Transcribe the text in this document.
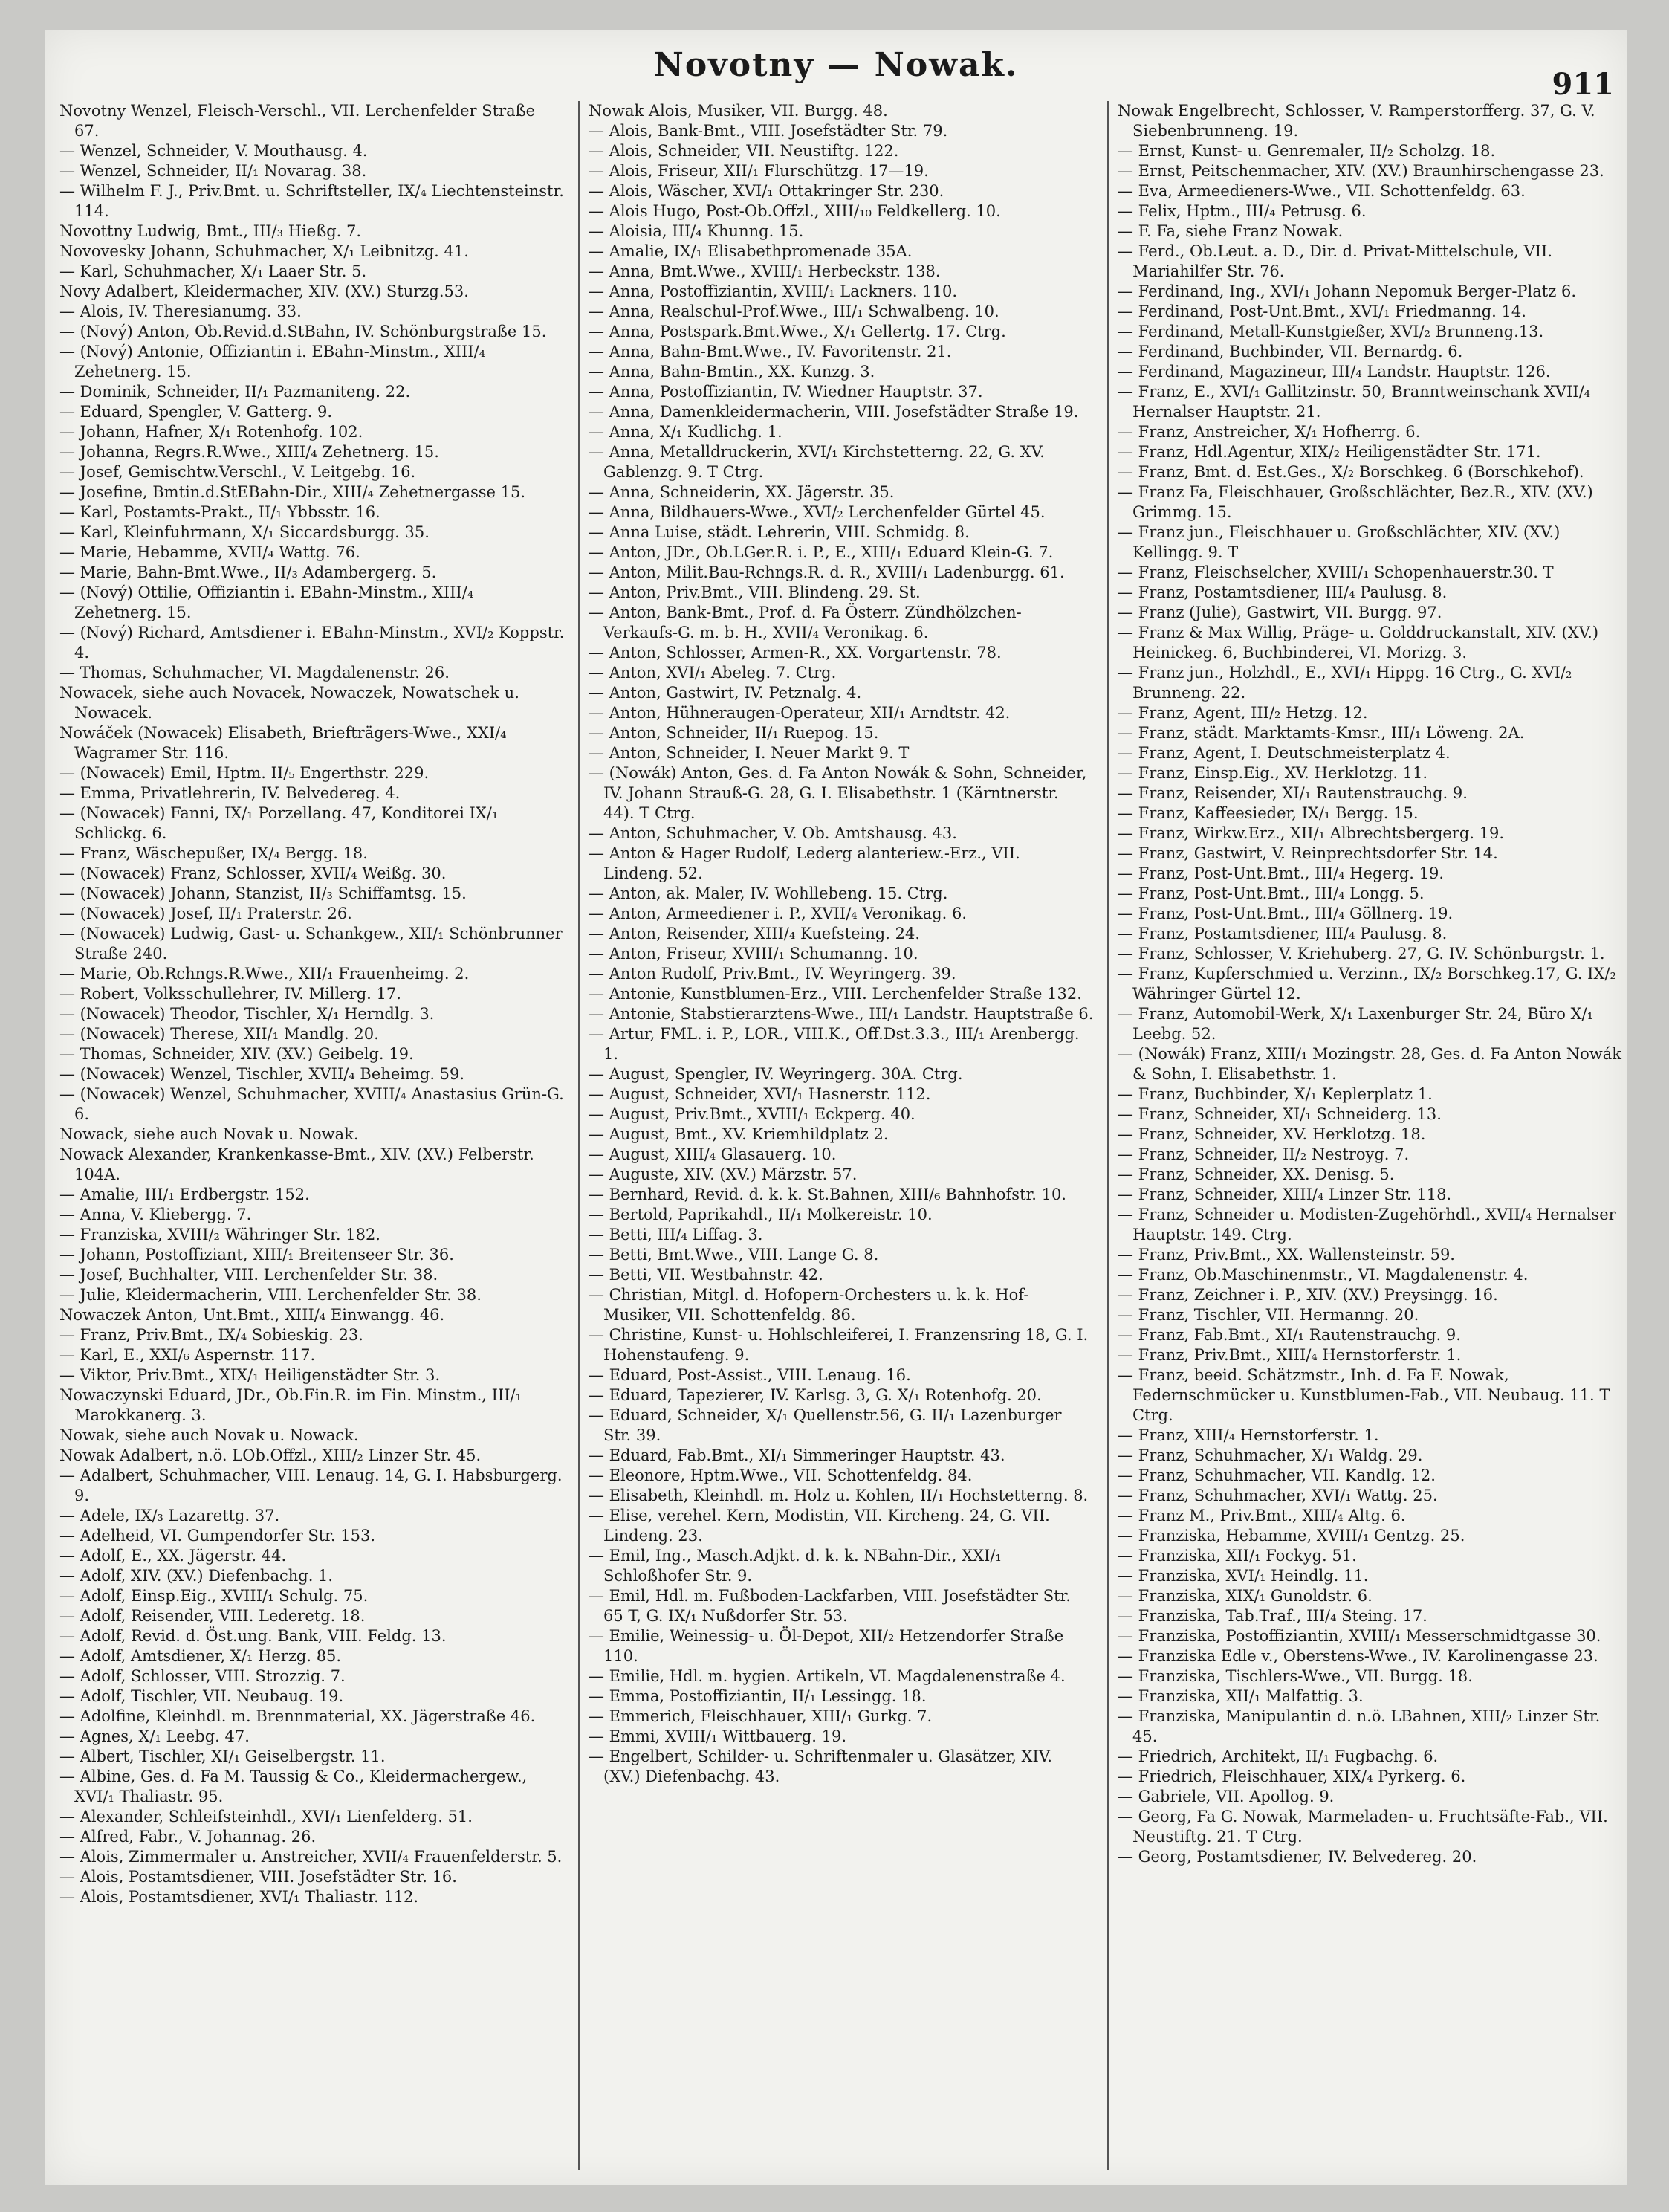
Novotny — Nowak.
911
Novotny Wenzel, Fleisch-Verschl., VII. Lerchenfelder Straße 67.
— Wenzel, Schneider, V. Mouthausg. 4.
— Wenzel, Schneider, II/₁ Novarag. 38.
— Wilhelm F. J., Priv.Bmt. u. Schriftsteller, IX/₄ Liechtensteinstr. 114.
Novottny Ludwig, Bmt., III/₃ Hießg. 7.
Novovesky Johann, Schuhmacher, X/₁ Leibnitzg. 41.
— Karl, Schuhmacher, X/₁ Laaer Str. 5.
Novy Adalbert, Kleidermacher, XIV. (XV.) Sturzg.53.
— Alois, IV. Theresianumg. 33.
— (Nový) Anton, Ob.Revid.d.StBahn, IV. Schönburgstraße 15.
— (Nový) Antonie, Offiziantin i. EBahn-Minstm., XIII/₄ Zehetnerg. 15.
— Dominik, Schneider, II/₁ Pazmaniteng. 22.
— Eduard, Spengler, V. Gatterg. 9.
— Johann, Hafner, X/₁ Rotenhofg. 102.
— Johanna, Regrs.R.Wwe., XIII/₄ Zehetnerg. 15.
— Josef, Gemischtw.Verschl., V. Leitgebg. 16.
— Josefine, Bmtin.d.StEBahn-Dir., XIII/₄ Zehetnergasse 15.
— Karl, Postamts-Prakt., II/₁ Ybbsstr. 16.
— Karl, Kleinfuhrmann, X/₁ Siccardsburgg. 35.
— Marie, Hebamme, XVII/₄ Wattg. 76.
— Marie, Bahn-Bmt.Wwe., II/₃ Adambergerg. 5.
— (Nový) Ottilie, Offiziantin i. EBahn-Minstm., XIII/₄ Zehetnerg. 15.
— (Nový) Richard, Amtsdiener i. EBahn-Minstm., XVI/₂ Koppstr. 4.
— Thomas, Schuhmacher, VI. Magdalenenstr. 26.
Nowacek, siehe auch Novacek, Nowaczek, Nowatschek u. Nowacek.
Nowáček (Nowacek) Elisabeth, Briefträgers-Wwe., XXI/₄ Wagramer Str. 116.
— (Nowacek) Emil, Hptm. II/₅ Engerthstr. 229.
— Emma, Privatlehrerin, IV. Belvedereg. 4.
— (Nowacek) Fanni, IX/₁ Porzellang. 47, Konditorei IX/₁ Schlickg. 6.
— Franz, Wäschepußer, IX/₄ Bergg. 18.
— (Nowacek) Franz, Schlosser, XVII/₄ Weißg. 30.
— (Nowacek) Johann, Stanzist, II/₃ Schiffamtsg. 15.
— (Nowacek) Josef, II/₁ Praterstr. 26.
— (Nowacek) Ludwig, Gast- u. Schankgew., XII/₁ Schönbrunner Straße 240.
— Marie, Ob.Rchngs.R.Wwe., XII/₁ Frauenheimg. 2.
— Robert, Volksschullehrer, IV. Millerg. 17.
— (Nowacek) Theodor, Tischler, X/₁ Herndlg. 3.
— (Nowacek) Therese, XII/₁ Mandlg. 20.
— Thomas, Schneider, XIV. (XV.) Geibelg. 19.
— (Nowacek) Wenzel, Tischler, XVII/₄ Beheimg. 59.
— (Nowacek) Wenzel, Schuhmacher, XVIII/₄ Anastasius Grün-G. 6.
Nowack, siehe auch Novak u. Nowak.
Nowack Alexander, Krankenkasse-Bmt., XIV. (XV.) Felberstr. 104A.
— Amalie, III/₁ Erdbergstr. 152.
— Anna, V. Kliebergg. 7.
— Franziska, XVIII/₂ Währinger Str. 182.
— Johann, Postoffiziant, XIII/₁ Breitenseer Str. 36.
— Josef, Buchhalter, VIII. Lerchenfelder Str. 38.
— Julie, Kleidermacherin, VIII. Lerchenfelder Str. 38.
Nowaczek Anton, Unt.Bmt., XIII/₄ Einwangg. 46.
— Franz, Priv.Bmt., IX/₄ Sobieskig. 23.
— Karl, E., XXI/₆ Aspernstr. 117.
— Viktor, Priv.Bmt., XIX/₁ Heiligenstädter Str. 3.
Nowaczynski Eduard, JDr., Ob.Fin.R. im Fin. Minstm., III/₁ Marokkanerg. 3.
Nowak, siehe auch Novak u. Nowack.
Nowak Adalbert, n.ö. LOb.Offzl., XIII/₂ Linzer Str. 45.
— Adalbert, Schuhmacher, VIII. Lenaug. 14, G. I. Habsburgerg. 9.
— Adele, IX/₃ Lazarettg. 37.
— Adelheid, VI. Gumpendorfer Str. 153.
— Adolf, E., XX. Jägerstr. 44.
— Adolf, XIV. (XV.) Diefenbachg. 1.
— Adolf, Einsp.Eig., XVIII/₁ Schulg. 75.
— Adolf, Reisender, VIII. Lederetg. 18.
— Adolf, Revid. d. Öst.ung. Bank, VIII. Feldg. 13.
— Adolf, Amtsdiener, X/₁ Herzg. 85.
— Adolf, Schlosser, VIII. Strozzig. 7.
— Adolf, Tischler, VII. Neubaug. 19.
— Adolfine, Kleinhdl. m. Brennmaterial, XX. Jägerstraße 46.
— Agnes, X/₁ Leebg. 47.
— Albert, Tischler, XI/₁ Geiselbergstr. 11.
— Albine, Ges. d. Fa M. Taussig & Co., Kleidermachergew., XVI/₁ Thaliastr. 95.
— Alexander, Schleifsteinhdl., XVI/₁ Lienfelderg. 51.
— Alfred, Fabr., V. Johannag. 26.
— Alois, Zimmermaler u. Anstreicher, XVII/₄ Frauenfelderstr. 5.
— Alois, Postamtsdiener, VIII. Josefstädter Str. 16.
— Alois, Postamtsdiener, XVI/₁ Thaliastr. 112.
Nowak Alois, Musiker, VII. Burgg. 48.
— Alois, Bank-Bmt., VIII. Josefstädter Str. 79.
— Alois, Schneider, VII. Neustiftg. 122.
— Alois, Friseur, XII/₁ Flurschützg. 17—19.
— Alois, Wäscher, XVI/₁ Ottakringer Str. 230.
— Alois Hugo, Post-Ob.Offzl., XIII/₁₀ Feldkellerg. 10.
— Aloisia, III/₄ Khunng. 15.
— Amalie, IX/₁ Elisabethpromenade 35A.
— Anna, Bmt.Wwe., XVIII/₁ Herbeckstr. 138.
— Anna, Postoffiziantin, XVIII/₁ Lackners. 110.
— Anna, Realschul-Prof.Wwe., III/₁ Schwalbeng. 10.
— Anna, Postspark.Bmt.Wwe., X/₁ Gellertg. 17. Ctrg.
— Anna, Bahn-Bmt.Wwe., IV. Favoritenstr. 21.
— Anna, Bahn-Bmtin., XX. Kunzg. 3.
— Anna, Postoffiziantin, IV. Wiedner Hauptstr. 37.
— Anna, Damenkleidermacherin, VIII. Josefstädter Straße 19.
— Anna, X/₁ Kudlichg. 1.
— Anna, Metalldruckerin, XVI/₁ Kirchstetterng. 22, G. XV. Gablenzg. 9. T Ctrg.
— Anna, Schneiderin, XX. Jägerstr. 35.
— Anna, Bildhauers-Wwe., XVI/₂ Lerchenfelder Gürtel 45.
— Anna Luise, städt. Lehrerin, VIII. Schmidg. 8.
— Anton, JDr., Ob.LGer.R. i. P., E., XIII/₁ Eduard Klein-G. 7.
— Anton, Milit.Bau-Rchngs.R. d. R., XVIII/₁ Ladenburgg. 61.
— Anton, Priv.Bmt., VIII. Blindeng. 29. St.
— Anton, Bank-Bmt., Prof. d. Fa Österr. Zündhölzchen-Verkaufs-G. m. b. H., XVII/₄ Veronikag. 6.
— Anton, Schlosser, Armen-R., XX. Vorgartenstr. 78.
— Anton, XVI/₁ Abeleg. 7. Ctrg.
— Anton, Gastwirt, IV. Petznalg. 4.
— Anton, Hühneraugen-Operateur, XII/₁ Arndtstr. 42.
— Anton, Schneider, II/₁ Ruepog. 15.
— Anton, Schneider, I. Neuer Markt 9. T
— (Nowák) Anton, Ges. d. Fa Anton Nowák & Sohn, Schneider, IV. Johann Strauß-G. 28, G. I. Elisabethstr. 1 (Kärntnerstr. 44). T Ctrg.
— Anton, Schuhmacher, V. Ob. Amtshausg. 43.
— Anton & Hager Rudolf, Lederg alanteriew.-Erz., VII. Lindeng. 52.
— Anton, ak. Maler, IV. Wohllebeng. 15. Ctrg.
— Anton, Armeediener i. P., XVII/₄ Veronikag. 6.
— Anton, Reisender, XIII/₄ Kuefsteing. 24.
— Anton, Friseur, XVIII/₁ Schumanng. 10.
— Anton Rudolf, Priv.Bmt., IV. Weyringerg. 39.
— Antonie, Kunstblumen-Erz., VIII. Lerchenfelder Straße 132.
— Antonie, Stabstierarztens-Wwe., III/₁ Landstr. Hauptstraße 6.
— Artur, FML. i. P., LOR., VIII.K., Off.Dst.3.3., III/₁ Arenbergg. 1.
— August, Spengler, IV. Weyringerg. 30A. Ctrg.
— August, Schneider, XVI/₁ Hasnerstr. 112.
— August, Priv.Bmt., XVIII/₁ Eckperg. 40.
— August, Bmt., XV. Kriemhildplatz 2.
— August, XIII/₄ Glasauerg. 10.
— Auguste, XIV. (XV.) Märzstr. 57.
— Bernhard, Revid. d. k. k. St.Bahnen, XIII/₆ Bahnhofstr. 10.
— Bertold, Paprikahdl., II/₁ Molkereistr. 10.
— Betti, III/₄ Liffag. 3.
— Betti, Bmt.Wwe., VIII. Lange G. 8.
— Betti, VII. Westbahnstr. 42.
— Christian, Mitgl. d. Hofopern-Orchesters u. k. k. Hof-Musiker, VII. Schottenfeldg. 86.
— Christine, Kunst- u. Hohlschleiferei, I. Franzensring 18, G. I. Hohenstaufeng. 9.
— Eduard, Post-Assist., VIII. Lenaug. 16.
— Eduard, Tapezierer, IV. Karlsg. 3, G. X/₁ Rotenhofg. 20.
— Eduard, Schneider, X/₁ Quellenstr.56, G. II/₁ Lazenburger Str. 39.
— Eduard, Fab.Bmt., XI/₁ Simmeringer Hauptstr. 43.
— Eleonore, Hptm.Wwe., VII. Schottenfeldg. 84.
— Elisabeth, Kleinhdl. m. Holz u. Kohlen, II/₁ Hochstetterng. 8.
— Elise, verehel. Kern, Modistin, VII. Kircheng. 24, G. VII. Lindeng. 23.
— Emil, Ing., Masch.Adjkt. d. k. k. NBahn-Dir., XXI/₁ Schloßhofer Str. 9.
— Emil, Hdl. m. Fußboden-Lackfarben, VIII. Josefstädter Str. 65 T, G. IX/₁ Nußdorfer Str. 53.
— Emilie, Weinessig- u. Öl-Depot, XII/₂ Hetzendorfer Straße 110.
— Emilie, Hdl. m. hygien. Artikeln, VI. Magdalenenstraße 4.
— Emma, Postoffiziantin, II/₁ Lessingg. 18.
— Emmerich, Fleischhauer, XIII/₁ Gurkg. 7.
— Emmi, XVIII/₁ Wittbauerg. 19.
— Engelbert, Schilder- u. Schriftenmaler u. Glasätzer, XIV. (XV.) Diefenbachg. 43.
Nowak Engelbrecht, Schlosser, V. Ramperstorfferg. 37, G. V. Siebenbrunneng. 19.
— Ernst, Kunst- u. Genremaler, II/₂ Scholzg. 18.
— Ernst, Peitschenmacher, XIV. (XV.) Braunhirschengasse 23.
— Eva, Armeedieners-Wwe., VII. Schottenfeldg. 63.
— Felix, Hptm., III/₄ Petrusg. 6.
— F. Fa, siehe Franz Nowak.
— Ferd., Ob.Leut. a. D., Dir. d. Privat-Mittelschule, VII. Mariahilfer Str. 76.
— Ferdinand, Ing., XVI/₁ Johann Nepomuk Berger-Platz 6.
— Ferdinand, Post-Unt.Bmt., XVI/₁ Friedmanng. 14.
— Ferdinand, Metall-Kunstgießer, XVI/₂ Brunneng.13.
— Ferdinand, Buchbinder, VII. Bernardg. 6.
— Ferdinand, Magazineur, III/₄ Landstr. Hauptstr. 126.
— Franz, E., XVI/₁ Gallitzinstr. 50, Branntweinschank XVII/₄ Hernalser Hauptstr. 21.
— Franz, Anstreicher, X/₁ Hofherrg. 6.
— Franz, Hdl.Agentur, XIX/₂ Heiligenstädter Str. 171.
— Franz, Bmt. d. Est.Ges., X/₂ Borschkeg. 6 (Borschkehof).
— Franz Fa, Fleischhauer, Großschlächter, Bez.R., XIV. (XV.) Grimmg. 15.
— Franz jun., Fleischhauer u. Großschlächter, XIV. (XV.) Kellingg. 9. T
— Franz, Fleischselcher, XVIII/₁ Schopenhauerstr.30. T
— Franz, Postamtsdiener, III/₄ Paulusg. 8.
— Franz (Julie), Gastwirt, VII. Burgg. 97.
— Franz & Max Willig, Präge- u. Golddruckanstalt, XIV. (XV.) Heinickeg. 6, Buchbinderei, VI. Morizg. 3.
— Franz jun., Holzhdl., E., XVI/₁ Hippg. 16 Ctrg., G. XVI/₂ Brunneng. 22.
— Franz, Agent, III/₂ Hetzg. 12.
— Franz, städt. Marktamts-Kmsr., III/₁ Löweng. 2A.
— Franz, Agent, I. Deutschmeisterplatz 4.
— Franz, Einsp.Eig., XV. Herklotzg. 11.
— Franz, Reisender, XI/₁ Rautenstrauchg. 9.
— Franz, Kaffeesieder, IX/₁ Bergg. 15.
— Franz, Wirkw.Erz., XII/₁ Albrechtsbergerg. 19.
— Franz, Gastwirt, V. Reinprechtsdorfer Str. 14.
— Franz, Post-Unt.Bmt., III/₄ Hegerg. 19.
— Franz, Post-Unt.Bmt., III/₄ Longg. 5.
— Franz, Post-Unt.Bmt., III/₄ Göllnerg. 19.
— Franz, Postamtsdiener, III/₄ Paulusg. 8.
— Franz, Schlosser, V. Kriehuberg. 27, G. IV. Schönburgstr. 1.
— Franz, Kupferschmied u. Verzinn., IX/₂ Borschkeg.17, G. IX/₂ Währinger Gürtel 12.
— Franz, Automobil-Werk, X/₁ Laxenburger Str. 24, Büro X/₁ Leebg. 52.
— (Nowák) Franz, XIII/₁ Mozingstr. 28, Ges. d. Fa Anton Nowák & Sohn, I. Elisabethstr. 1.
— Franz, Buchbinder, X/₁ Keplerplatz 1.
— Franz, Schneider, XI/₁ Schneiderg. 13.
— Franz, Schneider, XV. Herklotzg. 18.
— Franz, Schneider, II/₂ Nestroyg. 7.
— Franz, Schneider, XX. Denisg. 5.
— Franz, Schneider, XIII/₄ Linzer Str. 118.
— Franz, Schneider u. Modisten-Zugehörhdl., XVII/₄ Hernalser Hauptstr. 149. Ctrg.
— Franz, Priv.Bmt., XX. Wallensteinstr. 59.
— Franz, Ob.Maschinenmstr., VI. Magdalenenstr. 4.
— Franz, Zeichner i. P., XIV. (XV.) Preysingg. 16.
— Franz, Tischler, VII. Hermanng. 20.
— Franz, Fab.Bmt., XI/₁ Rautenstrauchg. 9.
— Franz, Priv.Bmt., XIII/₄ Hernstorferstr. 1.
— Franz, beeid. Schätzmstr., Inh. d. Fa F. Nowak, Federnschmücker u. Kunstblumen-Fab., VII. Neubaug. 11. T Ctrg.
— Franz, XIII/₄ Hernstorferstr. 1.
— Franz, Schuhmacher, X/₁ Waldg. 29.
— Franz, Schuhmacher, VII. Kandlg. 12.
— Franz, Schuhmacher, XVI/₁ Wattg. 25.
— Franz M., Priv.Bmt., XIII/₄ Altg. 6.
— Franziska, Hebamme, XVIII/₁ Gentzg. 25.
— Franziska, XII/₁ Fockyg. 51.
— Franziska, XVI/₁ Heindlg. 11.
— Franziska, XIX/₁ Gunoldstr. 6.
— Franziska, Tab.Traf., III/₄ Steing. 17.
— Franziska, Postoffiziantin, XVIII/₁ Messerschmidtgasse 30.
— Franziska Edle v., Oberstens-Wwe., IV. Karolinengasse 23.
— Franziska, Tischlers-Wwe., VII. Burgg. 18.
— Franziska, XII/₁ Malfattig. 3.
— Franziska, Manipulantin d. n.ö. LBahnen, XIII/₂ Linzer Str. 45.
— Friedrich, Architekt, II/₁ Fugbachg. 6.
— Friedrich, Fleischhauer, XIX/₄ Pyrkerg. 6.
— Gabriele, VII. Apollog. 9.
— Georg, Fa G. Nowak, Marmeladen- u. Fruchtsäfte-Fab., VII. Neustiftg. 21. T Ctrg.
— Georg, Postamtsdiener, IV. Belvedereg. 20.
